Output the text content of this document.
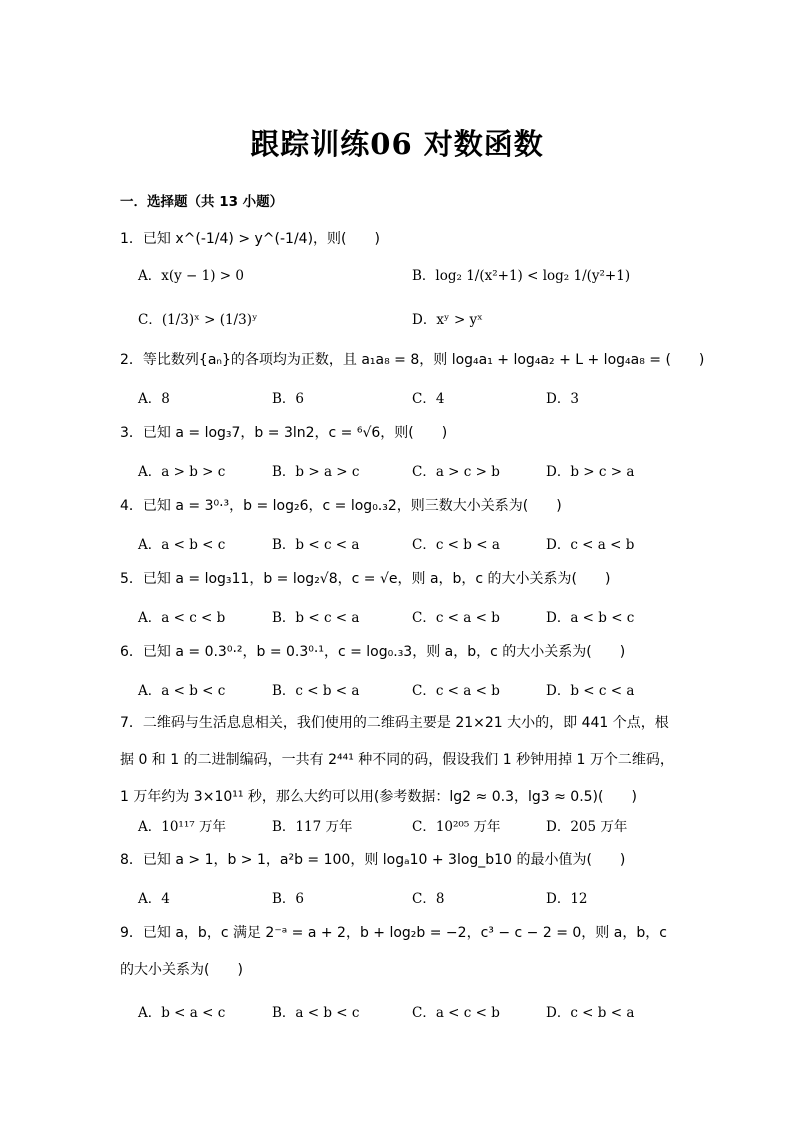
跟踪训练06 对数函数
一．选择题（共 13 小题）
1．已知 x^(-1/4) > y^(-1/4)，则(　　)
A．x(y − 1) > 0	B．log₂ 1/(x²+1) < log₂ 1/(y²+1)
C．(1/3)ˣ > (1/3)ʸ	D．xʸ > yˣ
2．等比数列{aₙ}的各项均为正数，且 a₁a₈ = 8，则 log₄a₁ + log₄a₂ + L + log₄a₈ = (　　)
A．8	B．6	C．4	D．3
3．已知 a = log₃7，b = 3ln2，c = ⁶√6，则(　　)
A．a > b > c	B．b > a > c	C．a > c > b	D．b > c > a
4．已知 a = 3⁰·³，b = log₂6，c = log₀.₃2，则三数大小关系为(　　)
A．a < b < c	B．b < c < a	C．c < b < a	D．c < a < b
5．已知 a = log₃11，b = log₂√8，c = √e，则 a，b，c 的大小关系为(　　)
A．a < c < b	B．b < c < a	C．c < a < b	D．a < b < c
6．已知 a = 0.3⁰·²，b = 0.3⁰·¹，c = log₀.₃3，则 a，b，c 的大小关系为(　　)
A．a < b < c	B．c < b < a	C．c < a < b	D．b < c < a
7．二维码与生活息息相关，我们使用的二维码主要是 21×21 大小的，即 441 个点，根据 0 和 1 的二进制编码，一共有 2⁴⁴¹ 种不同的码，假设我们 1 秒钟用掉 1 万个二维码，1 万年约为 3×10¹¹ 秒，那么大约可以用(参考数据：lg2 ≈ 0.3，lg3 ≈ 0.5)(　　)
A．10¹¹⁷ 万年	B．117 万年	C．10²⁰⁵ 万年	D．205 万年
8．已知 a > 1，b > 1，a²b = 100，则 logₐ10 + 3log_b10 的最小值为(　　)
A．4	B．6	C．8	D．12
9．已知 a，b，c 满足 2⁻ᵃ = a + 2，b + log₂b = −2，c³ − c − 2 = 0，则 a，b，c 的大小关系为(　　)
A．b < a < c	B．a < b < c	C．a < c < b	D．c < b < a
